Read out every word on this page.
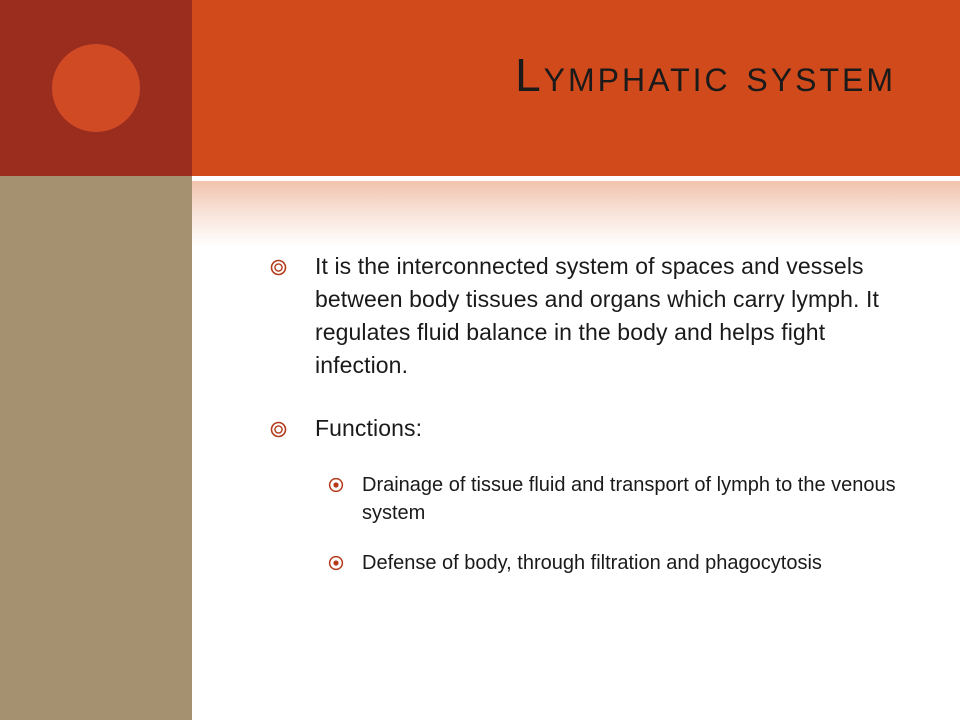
Lymphatic system
It is the interconnected system of spaces and vessels between body tissues and organs which carry lymph. It regulates fluid balance in the body and helps fight infection.
Functions:
Drainage of tissue fluid and transport of lymph to the venous system
Defense of body, through filtration and phagocytosis
